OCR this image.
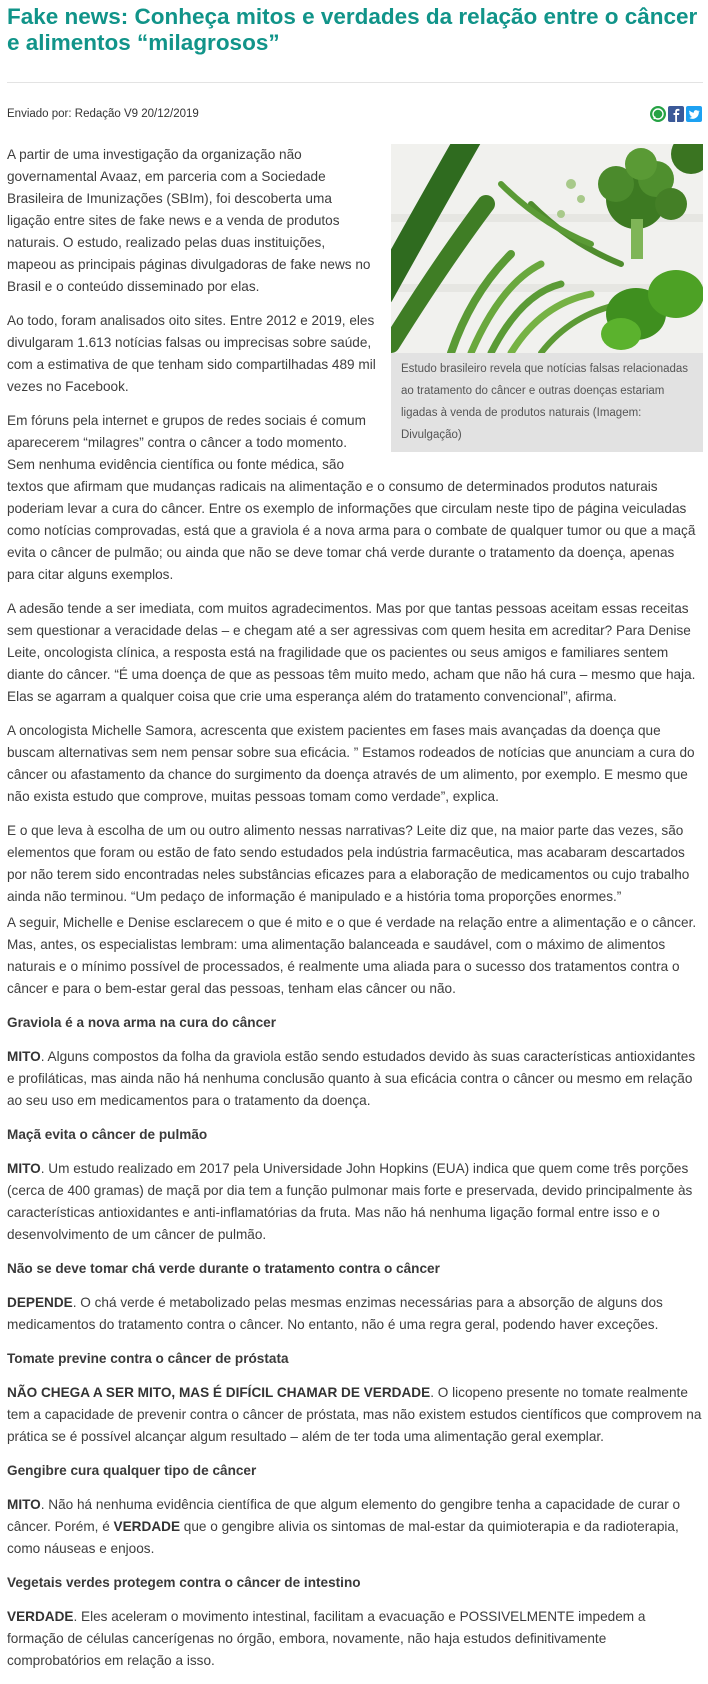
Fake news: Conheça mitos e verdades da relação entre o câncer e alimentos “milagrosos”
Enviado por: Redação V9 20/12/2019
Estudo brasileiro revela que notícias falsas relacionadas ao tratamento do câncer e outras doenças estariam ligadas à venda de produtos naturais (Imagem: Divulgação)

A partir de uma investigação da organização não governamental Avaaz, em parceria com a Sociedade Brasileira de Imunizações (SBIm), foi descoberta uma ligação entre sites de fake news e a venda de produtos naturais. O estudo, realizado pelas duas instituições, mapeou as principais páginas divulgadoras de fake news no Brasil e o conteúdo disseminado por elas.

Ao todo, foram analisados oito sites. Entre 2012 e 2019, eles divulgaram 1.613 notícias falsas ou imprecisas sobre saúde, com a estimativa de que tenham sido compartilhadas 489 mil vezes no Facebook.

Em fóruns pela internet e grupos de redes sociais é comum aparecerem “milagres” contra o câncer a todo momento. Sem nenhuma evidência científica ou fonte médica, são textos que afirmam que mudanças radicais na alimentação e o consumo de determinados produtos naturais poderiam levar a cura do câncer. Entre os exemplo de informações que circulam neste tipo de página veiculadas como notícias comprovadas, está que a graviola é a nova arma para o combate de qualquer tumor ou que a maçã evita o câncer de pulmão; ou ainda que não se deve tomar chá verde durante o tratamento da doença, apenas para citar alguns exemplos.

A adesão tende a ser imediata, com muitos agradecimentos. Mas por que tantas pessoas aceitam essas receitas sem questionar a veracidade delas – e chegam até a ser agressivas com quem hesita em acreditar? Para Denise Leite, oncologista clínica, a resposta está na fragilidade que os pacientes ou seus amigos e familiares sentem diante do câncer. “É uma doença de que as pessoas têm muito medo, acham que não há cura – mesmo que haja. Elas se agarram a qualquer coisa que crie uma esperança além do tratamento convencional”, afirma.

A oncologista Michelle Samora, acrescenta que existem pacientes em fases mais avançadas da doença que buscam alternativas sem nem pensar sobre sua eficácia. ” Estamos rodeados de notícias que anunciam a cura do câncer ou afastamento da chance do surgimento da doença através de um alimento, por exemplo. E mesmo que não exista estudo que comprove, muitas pessoas tomam como verdade”, explica.

E o que leva à escolha de um ou outro alimento nessas narrativas? Leite diz que, na maior parte das vezes, são elementos que foram ou estão de fato sendo estudados pela indústria farmacêutica, mas acabaram descartados por não terem sido encontradas neles substâncias eficazes para a elaboração de medicamentos ou cujo trabalho ainda não terminou. “Um pedaço de informação é manipulado e a história toma proporções enormes.”

A seguir, Michelle e Denise esclarecem o que é mito e o que é verdade na relação entre a alimentação e o câncer. Mas, antes, os especialistas lembram: uma alimentação balanceada e saudável, com o máximo de alimentos naturais e o mínimo possível de processados, é realmente uma aliada para o sucesso dos tratamentos contra o câncer e para o bem-estar geral das pessoas, tenham elas câncer ou não.

Graviola é a nova arma na cura do câncer

MITO. Alguns compostos da folha da graviola estão sendo estudados devido às suas características antioxidantes e profiláticas, mas ainda não há nenhuma conclusão quanto à sua eficácia contra o câncer ou mesmo em relação ao seu uso em medicamentos para o tratamento da doença.

Maçã evita o câncer de pulmão

MITO. Um estudo realizado em 2017 pela Universidade John Hopkins (EUA) indica que quem come três porções (cerca de 400 gramas) de maçã por dia tem a função pulmonar mais forte e preservada, devido principalmente às características antioxidantes e anti-inflamatórias da fruta. Mas não há nenhuma ligação formal entre isso e o desenvolvimento de um câncer de pulmão.

Não se deve tomar chá verde durante o tratamento contra o câncer

DEPENDE. O chá verde é metabolizado pelas mesmas enzimas necessárias para a absorção de alguns dos medicamentos do tratamento contra o câncer. No entanto, não é uma regra geral, podendo haver exceções.

Tomate previne contra o câncer de próstata

NÃO CHEGA A SER MITO, MAS É DIFÍCIL CHAMAR DE VERDADE. O licopeno presente no tomate realmente tem a capacidade de prevenir contra o câncer de próstata, mas não existem estudos científicos que comprovem na prática se é possível alcançar algum resultado – além de ter toda uma alimentação geral exemplar.

Gengibre cura qualquer tipo de câncer

MITO. Não há nenhuma evidência científica de que algum elemento do gengibre tenha a capacidade de curar o câncer. Porém, é VERDADE que o gengibre alivia os sintomas de mal-estar da quimioterapia e da radioterapia, como náuseas e enjoos.

Vegetais verdes protegem contra o câncer de intestino

VERDADE. Eles aceleram o movimento intestinal, facilitam a evacuação e POSSIVELMENTE impedem a formação de células cancerígenas no órgão, embora, novamente, não haja estudos definitivamente comprobatórios em relação a isso.
